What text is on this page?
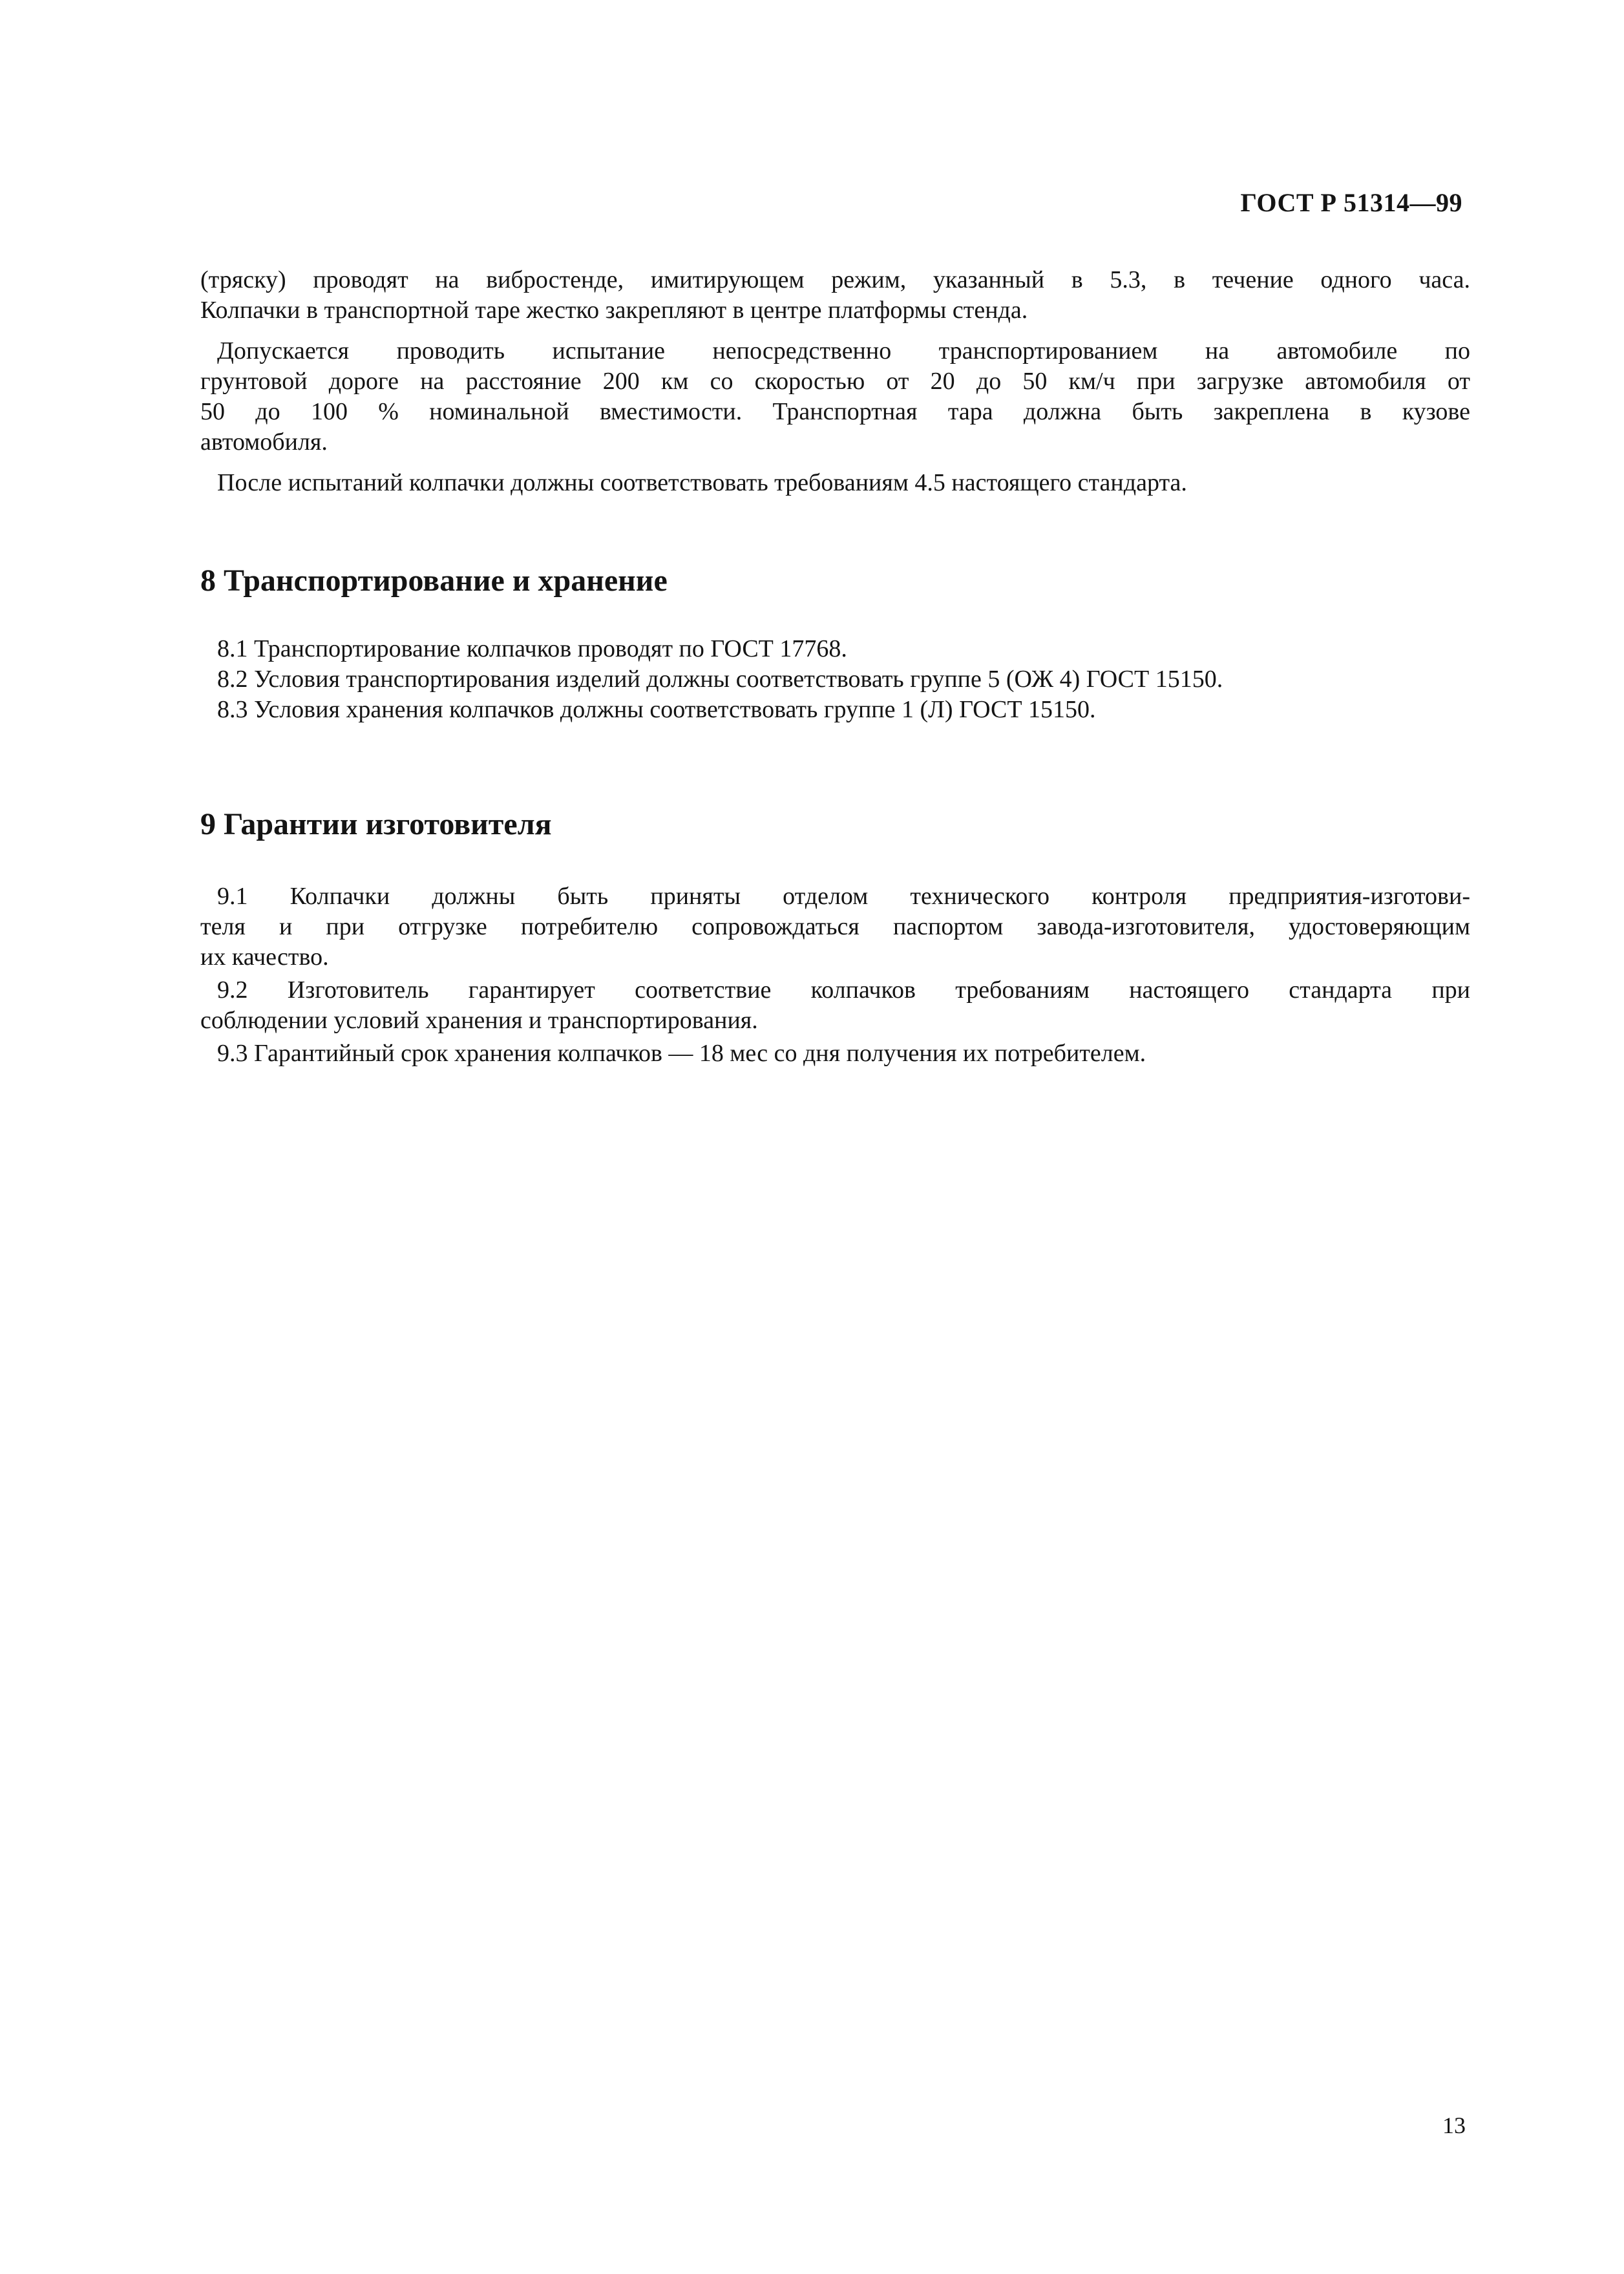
ГОСТ Р 51314—99

(тряску) проводят на вибростенде, имитирующем режим, указанный в 5.3, в течение одного часа.

Колпачки в транспортной таре жестко закрепляют в центре платформы стенда.

Допускается проводить испытание непосредственно транспортированием на автомобиле по

грунтовой дороге на расстояние 200 км со скоростью от 20 до 50 км/ч при загрузке автомобиля от

50 до 100 % номинальной вместимости. Транспортная тара должна быть закреплена в кузове

автомобиля.

После испытаний колпачки должны соответствовать требованиям 4.5 настоящего стандарта.

8 Транспортирование и хранение

8.1 Транспортирование колпачков проводят по ГОСТ 17768.

8.2 Условия транспортирования изделий должны соответствовать группе 5 (ОЖ 4) ГОСТ 15150.

8.3 Условия хранения колпачков должны соответствовать группе 1 (Л) ГОСТ 15150.

9 Гарантии изготовителя

9.1 Колпачки должны быть приняты отделом технического контроля предприятия-изготови-

теля и при отгрузке потребителю сопровождаться паспортом завода-изготовителя, удостоверяющим

их качество.

9.2 Изготовитель гарантирует соответствие колпачков требованиям настоящего стандарта при

соблюдении условий хранения и транспортирования.

9.3 Гарантийный срок хранения колпачков — 18 мес со дня получения их потребителем.

13
